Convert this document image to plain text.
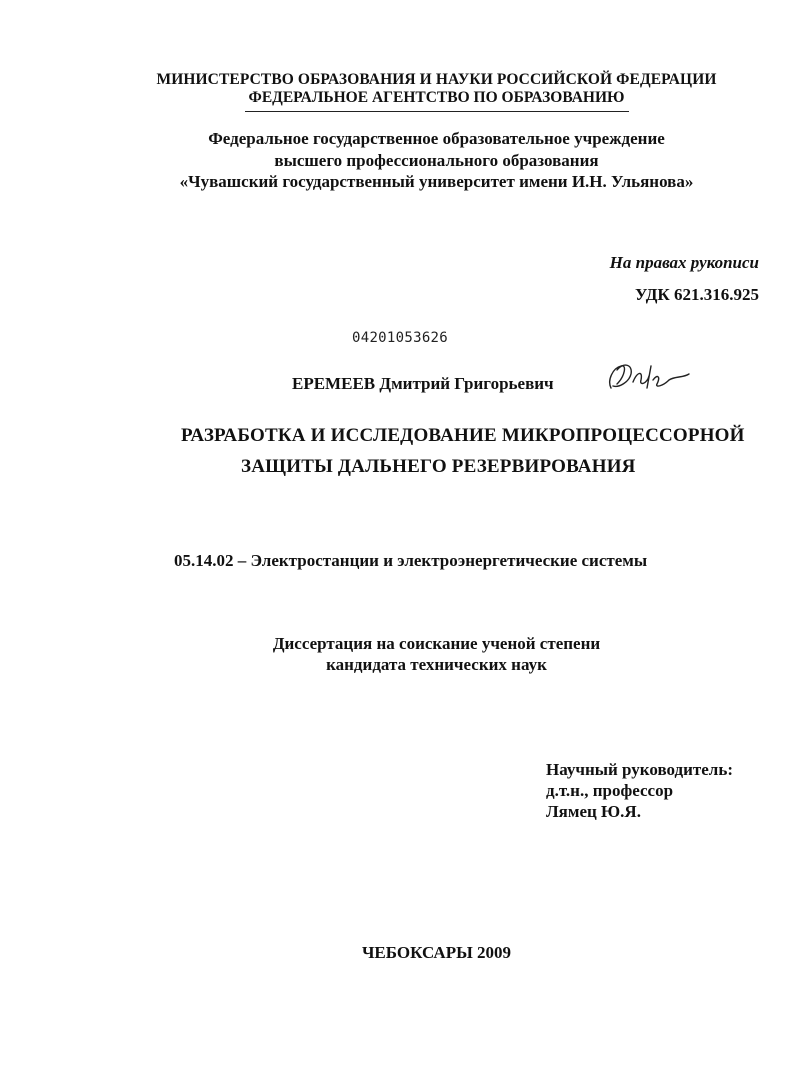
МИНИСТЕРСТВО ОБРАЗОВАНИЯ И НАУКИ РОССИЙСКОЙ ФЕДЕРАЦИИ
ФЕДЕРАЛЬНОЕ АГЕНТСТВО ПО ОБРАЗОВАНИЮ
Федеральное государственное образовательное учреждение
высшего профессионального образования
«Чувашский государственный университет имени И.Н. Ульянова»
На правах рукописи
УДК 621.316.925
04201053626
ЕРЕМЕЕВ Дмитрий Григорьевич
РАЗРАБОТКА И ИССЛЕДОВАНИЕ МИКРОПРОЦЕССОРНОЙ
ЗАЩИТЫ ДАЛЬНЕГО РЕЗЕРВИРОВАНИЯ
05.14.02 – Электростанции и электроэнергетические системы
Диссертация на соискание ученой степени
кандидата технических наук
Научный руководитель:
д.т.н., профессор
Лямец Ю.Я.
ЧЕБОКСАРЫ 2009
